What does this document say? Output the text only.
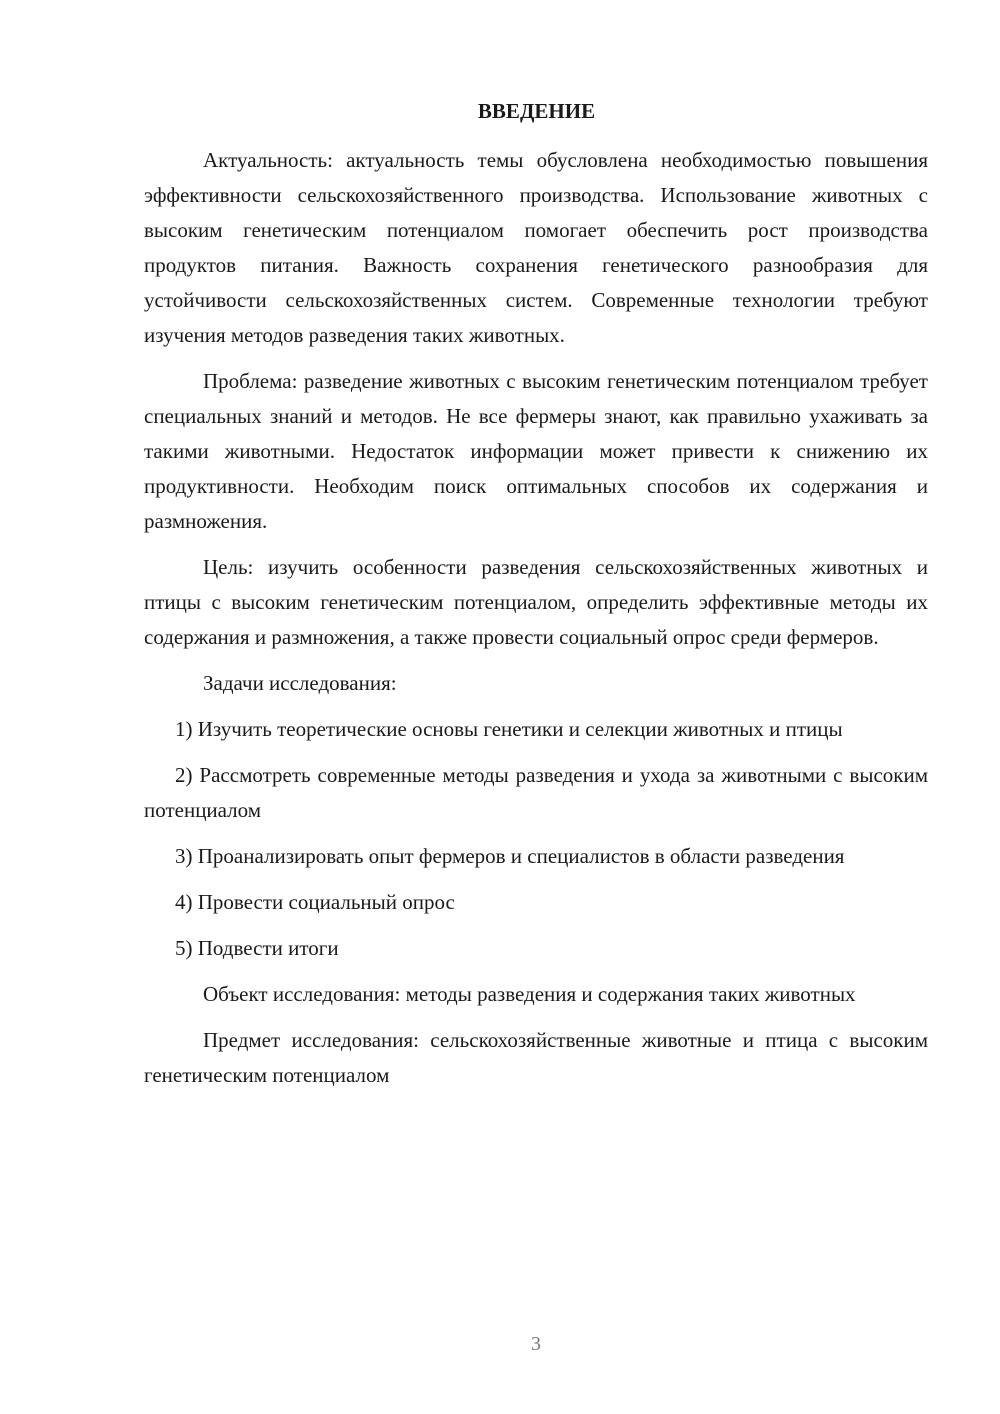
ВВЕДЕНИЕ

Актуальность: актуальность темы обусловлена необходимостью повышения эффективности сельскохозяйственного производства. Использование животных с высоким генетическим потенциалом помогает обеспечить рост производства продуктов питания. Важность сохранения генетического разнообразия для устойчивости сельскохозяйственных систем. Современные технологии требуют изучения методов разведения таких животных.

Проблема: разведение животных с высоким генетическим потенциалом требует специальных знаний и методов. Не все фермеры знают, как правильно ухаживать за такими животными. Недостаток информации может привести к снижению их продуктивности. Необходим поиск оптимальных способов их содержания и размножения.

Цель: изучить особенности разведения сельскохозяйственных животных и птицы с высоким генетическим потенциалом, определить эффективные методы их содержания и размножения, а также провести социальный опрос среди фермеров.

Задачи исследования:

1) Изучить теоретические основы генетики и селекции животных и птицы

2) Рассмотреть современные методы разведения и ухода за животными с высоким потенциалом

3) Проанализировать опыт фермеров и специалистов в области разведения

4) Провести социальный опрос

5) Подвести итоги

Объект исследования: методы разведения и содержания таких животных

Предмет исследования: сельскохозяйственные животные и птица с высоким генетическим потенциалом

3
